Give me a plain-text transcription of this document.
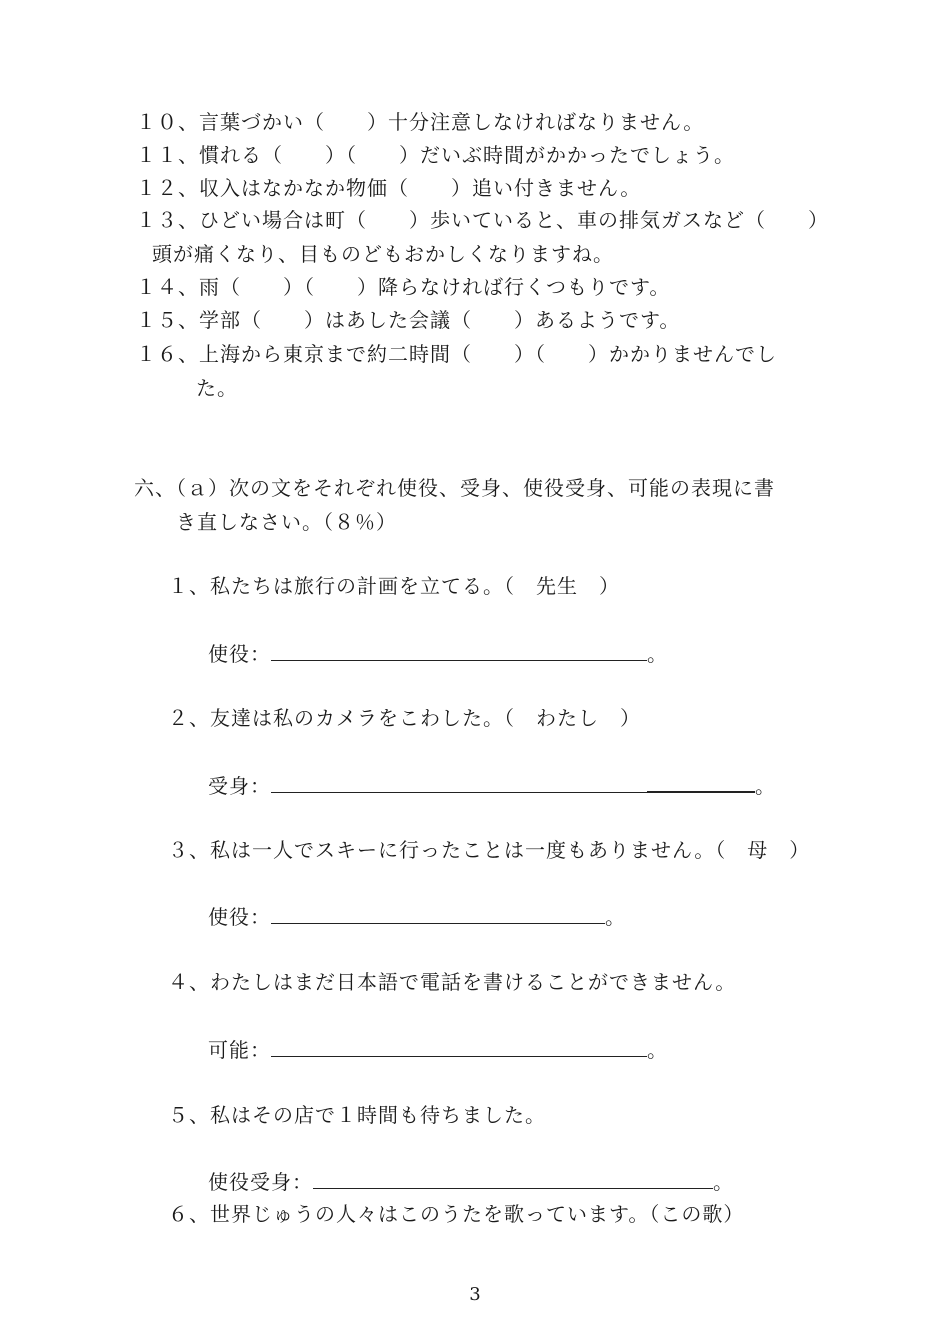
１０、言葉づかい（　　）十分注意しなければなりません。
１１、慣れる（　　）（　　）だいぶ時間がかかったでしょう。
１２、収入はなかなか物価（　　）追い付きません。
１３、ひどい場合は町（　　）歩いていると、車の排気ガスなど（　　）
頭が痛くなり、目ものどもおかしくなりますね。
１４、雨（　　）（　　）降らなければ行くつもりです。
１５、学部（　　）はあした会議（　　）あるようです。
１６、上海から東京まで約二時間（　　）（　　）かかりませんでし
た。
六、（ａ）次の文をそれぞれ使役、受身、使役受身、可能の表現に書
き直しなさい。（８％）
１、私たちは旅行の計画を立てる。（　先生　）
使役：	。
２、友達は私のカメラをこわした。（　わたし　）
受身：	。
３、私は一人でスキーに行ったことは一度もありません。（　母　）
使役：	。
４、わたしはまだ日本語で電話を書けることができません。
可能：	。
５、私はその店で１時間も待ちました。
使役受身：	。
６、世界じゅうの人々はこのうたを歌っています。（この歌）
3
